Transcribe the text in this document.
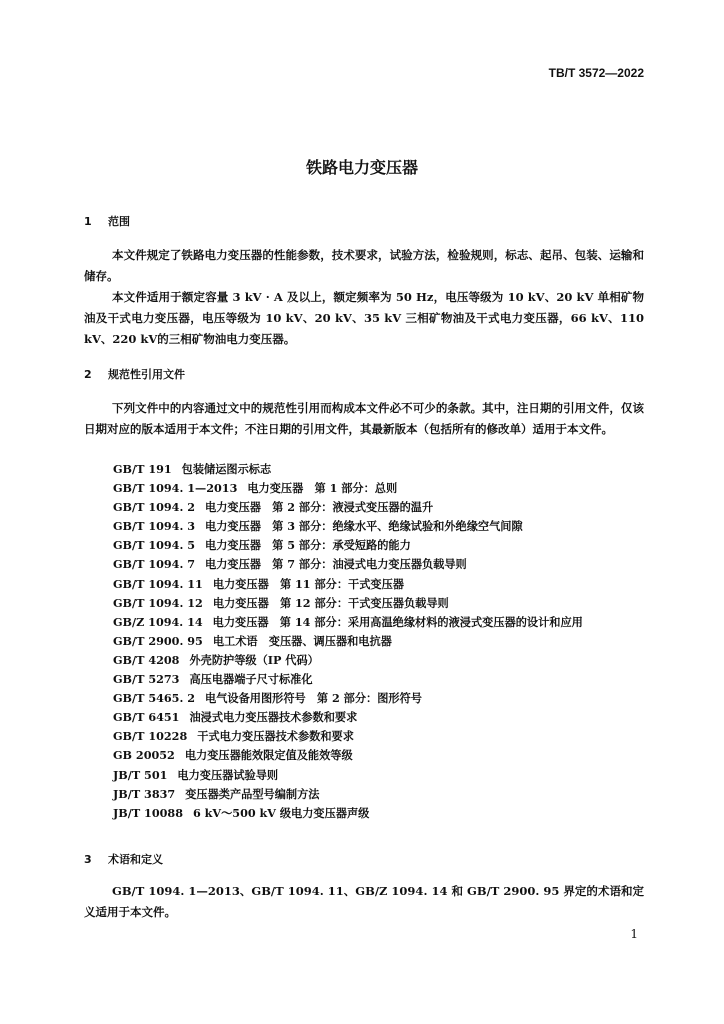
TB/T 3572—2022
铁路电力变压器
1 范围

本文件规定了铁路电力变压器的性能参数，技术要求，试验方法，检验规则，标志、起吊、包装、运输和储存。

本文件适用于额定容量 3 kV · A 及以上，额定频率为 50 Hz，电压等级为 10 kV、20 kV 单相矿物油及干式电力变压器，电压等级为 10 kV、20 kV、35 kV 三相矿物油及干式电力变压器，66 kV、110 kV、220 kV的三相矿物油电力变压器。

2 规范性引用文件

下列文件中的内容通过文中的规范性引用而构成本文件必不可少的条款。其中，注日期的引用文件，仅该日期对应的版本适用于本文件；不注日期的引用文件，其最新版本（包括所有的修改单）适用于本文件。

GB/T 191 包装储运图示标志
GB/T 1094. 1—2013 电力变压器　第 1 部分：总则
GB/T 1094. 2 电力变压器　第 2 部分：液浸式变压器的温升
GB/T 1094. 3 电力变压器　第 3 部分：绝缘水平、绝缘试验和外绝缘空气间隙
GB/T 1094. 5 电力变压器　第 5 部分：承受短路的能力
GB/T 1094. 7 电力变压器　第 7 部分：油浸式电力变压器负载导则
GB/T 1094. 11 电力变压器　第 11 部分：干式变压器
GB/T 1094. 12 电力变压器　第 12 部分：干式变压器负载导则
GB/Z 1094. 14 电力变压器　第 14 部分：采用高温绝缘材料的液浸式变压器的设计和应用
GB/T 2900. 95 电工术语　变压器、调压器和电抗器
GB/T 4208 外壳防护等级（IP 代码）
GB/T 5273 高压电器端子尺寸标准化
GB/T 5465. 2 电气设备用图形符号　第 2 部分：图形符号
GB/T 6451 油浸式电力变压器技术参数和要求
GB/T 10228 干式电力变压器技术参数和要求
GB 20052 电力变压器能效限定值及能效等级
JB/T 501 电力变压器试验导则
JB/T 3837 变压器类产品型号编制方法
JB/T 10088 6 kV～500 kV 级电力变压器声级
3 术语和定义

GB/T 1094. 1—2013、GB/T 1094. 11、GB/Z 1094. 14 和 GB/T 2900. 95 界定的术语和定义适用于本文件。

1
